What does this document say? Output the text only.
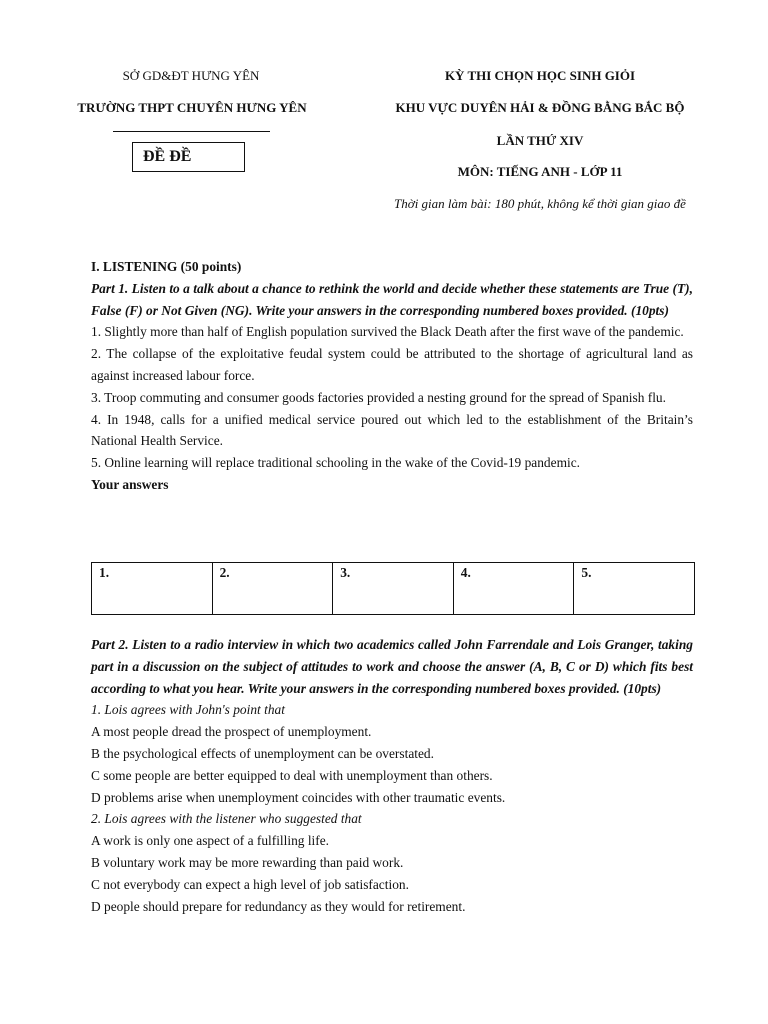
SỞ GD&ĐT HƯNG YÊN
TRƯỜNG THPT CHUYÊN HƯNG YÊN
ĐỀ ĐỀ
KỲ THI CHỌN HỌC SINH GIỎI
KHU VỰC DUYÊN HẢI & ĐỒNG BẰNG BẮC BỘ
LẦN THỨ XIV
MÔN: TIẾNG ANH - LỚP 11
Thời gian làm bài: 180 phút, không kể thời gian giao đề

I. LISTENING (50 points)

Part 1. Listen to a talk about a chance to rethink the world and decide whether these statements are True (T), False (F) or Not Given (NG). Write your answers in the corresponding numbered boxes provided. (10pts)

1. Slightly more than half of English population survived the Black Death after the first wave of the pandemic.

2. The collapse of the exploitative feudal system could be attributed to the shortage of agricultural land as against increased labour force.

3. Troop commuting and consumer goods factories provided a nesting ground for the spread of Spanish flu.

4. In 1948, calls for a unified medical service poured out which led to the establishment of the Britain’s National Health Service.

5. Online learning will replace traditional schooling in the wake of the Covid-19 pandemic.

Your answers

1.	2.	3.	4.	5.

Part 2. Listen to a radio interview in which two academics called John Farrendale and Lois Granger, taking part in a discussion on the subject of attitudes to work and choose the answer (A, B, C or D) which fits best according to what you hear. Write your answers in the corresponding numbered boxes provided. (10pts)

1. Lois agrees with John's point that

A most people dread the prospect of unemployment.

B the psychological effects of unemployment can be overstated.

C some people are better equipped to deal with unemployment than others.

D problems arise when unemployment coincides with other traumatic events.

2. Lois agrees with the listener who suggested that

A work is only one aspect of a fulfilling life.

B voluntary work may be more rewarding than paid work.

C not everybody can expect a high level of job satisfaction.

D people should prepare for redundancy as they would for retirement.
